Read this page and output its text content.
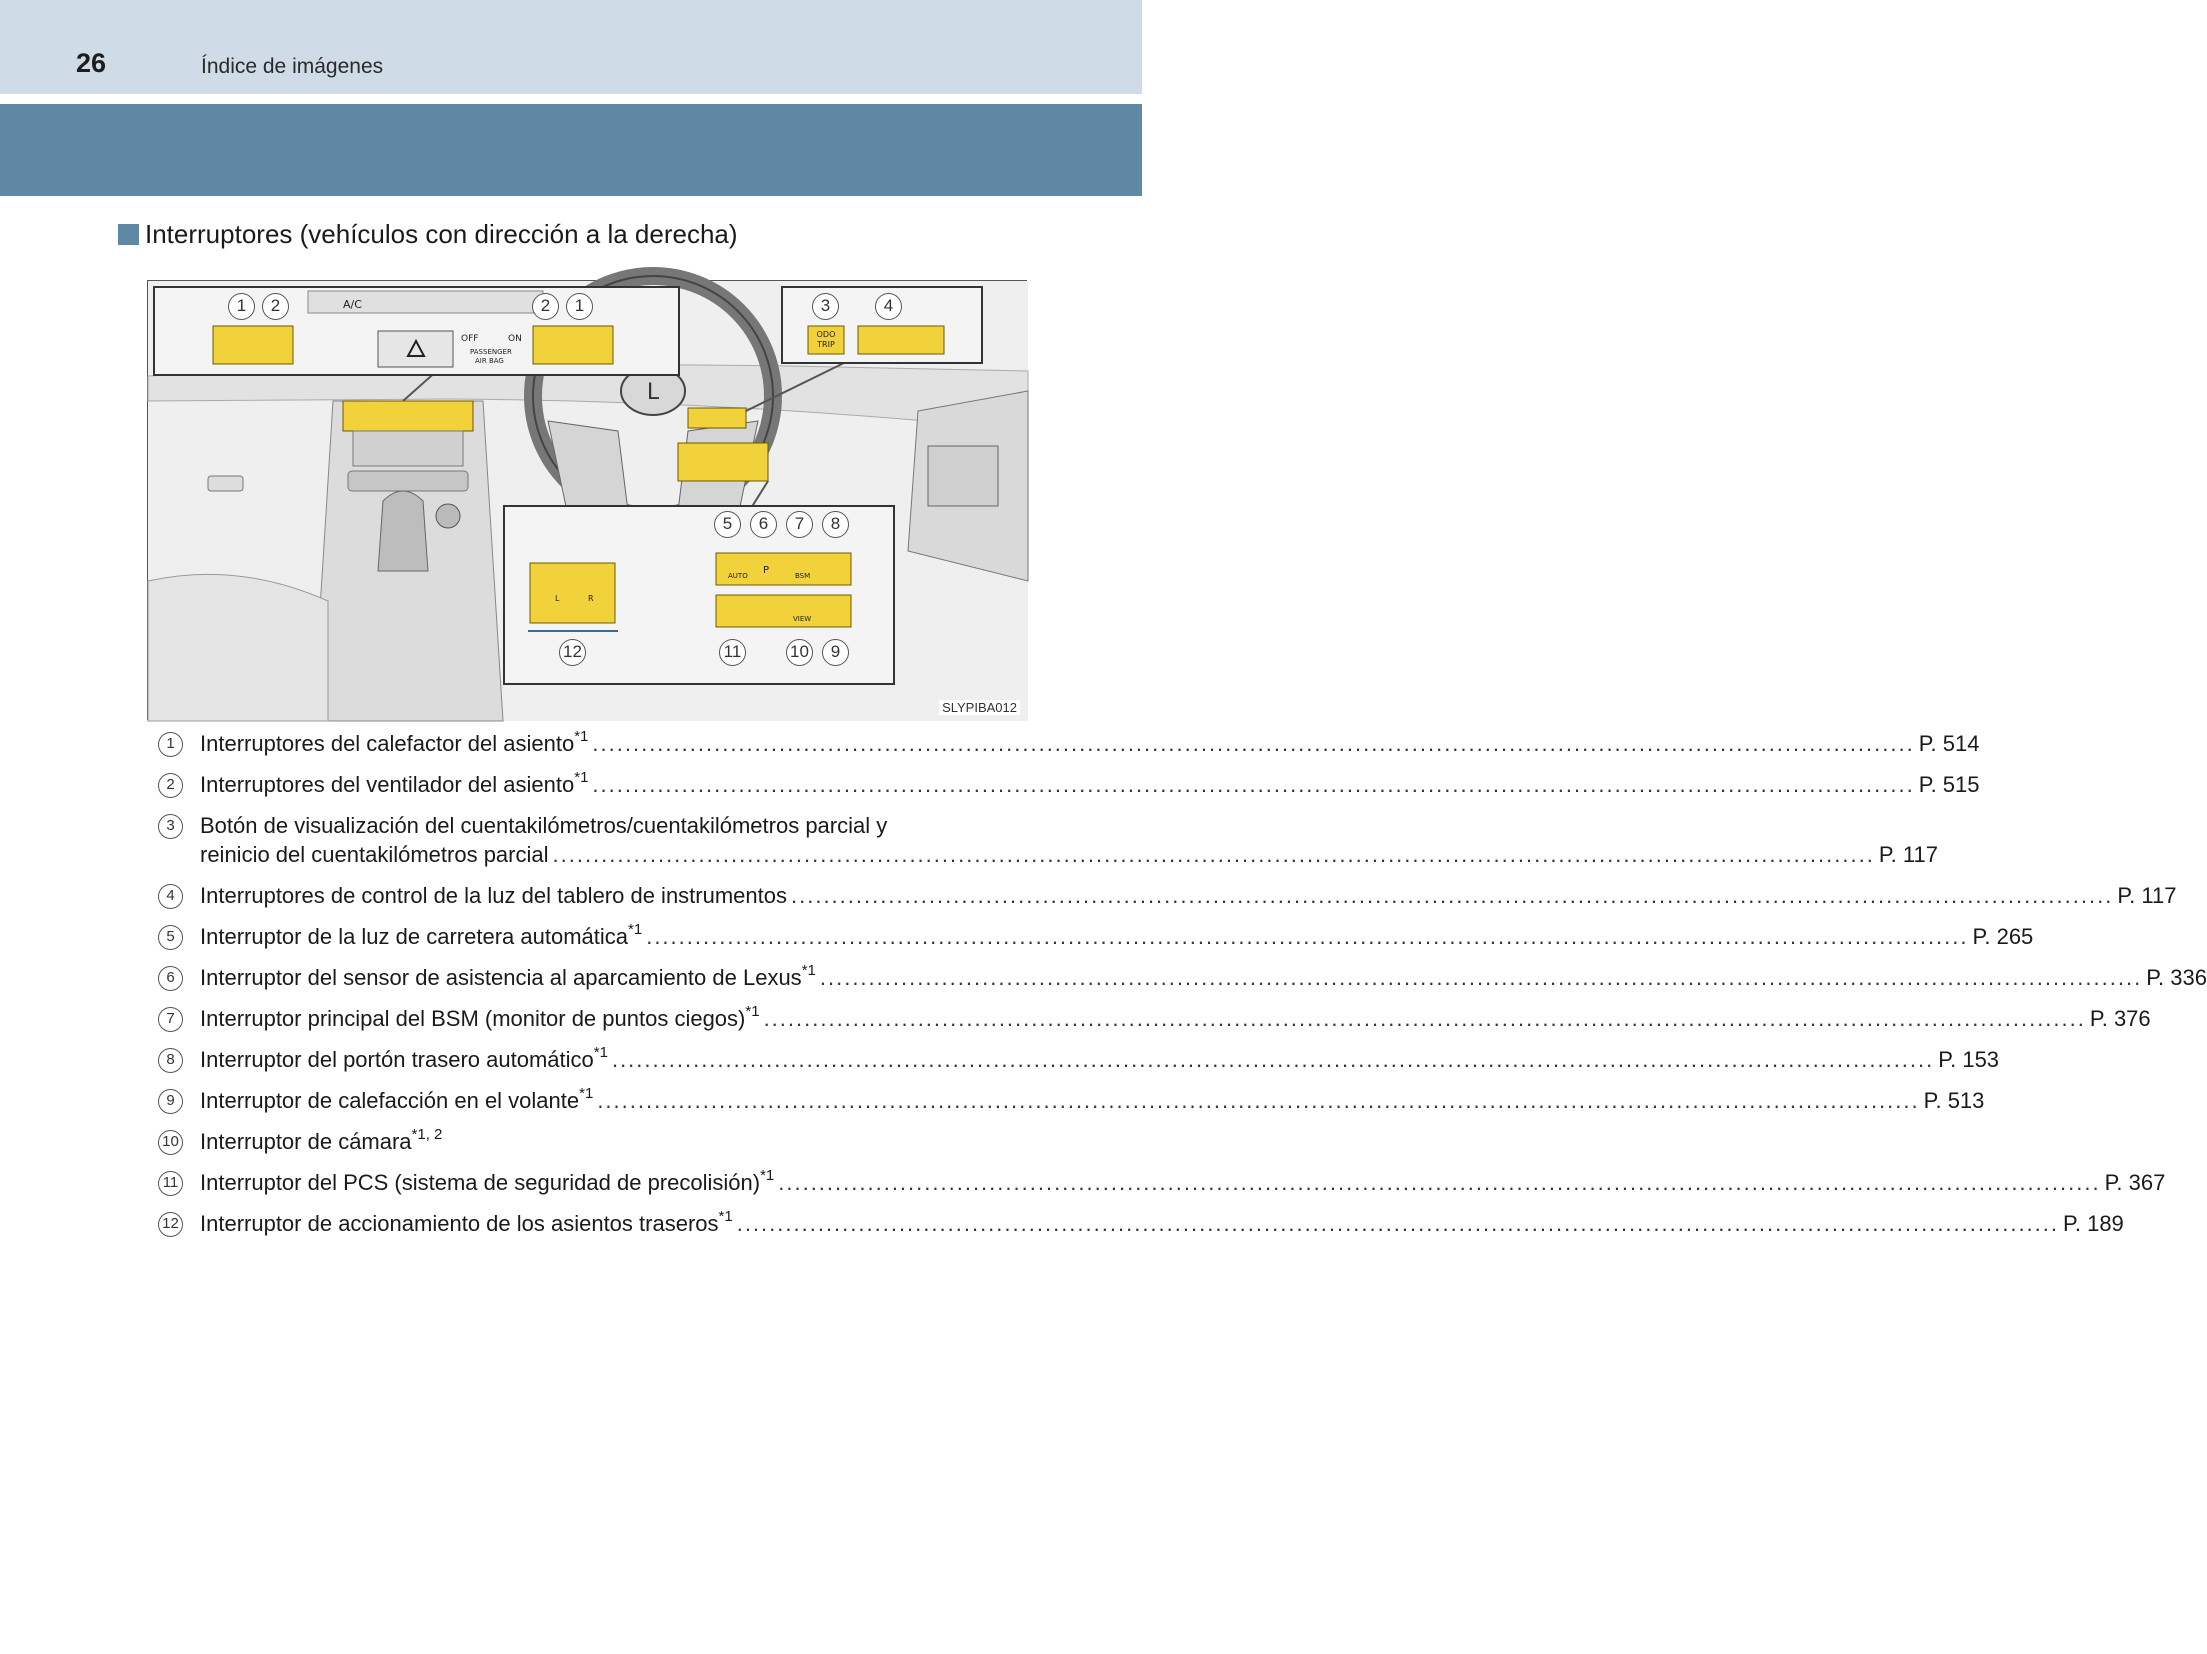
26	Índice de imágenes
Interruptores (vehículos con dirección a la derecha)
L
A/C
OFF	ON
PASSENGER
AIR BAG
ODO
TRIP
L	R
AUTO P	BSM
VIEW
1	2	2	1	3	4
5	6	7	8
12	11	10	9
SLYPIBA012
1	Interruptores del calefactor del asiento$^{*1}$ .....	P. 514
2	Interruptores del ventilador del asiento$^{*1}$ .....	P. 515
3	Botón de visualización del cuentakilómetros/cuentakilómetros parcial y
reinicio del cuentakilómetros parcial .....	P. 117
4	Interruptores de control de la luz del tablero de instrumentos .....	P. 117
5	Interruptor de la luz de carretera automática$^{*1}$ .....	P. 265
6	Interruptor del sensor de asistencia al aparcamiento de Lexus$^{*1}$ .....	P. 336
7	Interruptor principal del BSM (monitor de puntos ciegos)$^{*1}$ .....	P. 376
8	Interruptor del portón trasero automático$^{*1}$ .....	P. 153
9	Interruptor de calefacción en el volante$^{*1}$ .....	P. 513
10 Interruptor de cámara$^{*1, 2}$
11 Interruptor del PCS (sistema de seguridad de precolisión)$^{*1}$ .....	P. 367
12 Interruptor de accionamiento de los asientos traseros$^{*1}$ .....	P. 189
